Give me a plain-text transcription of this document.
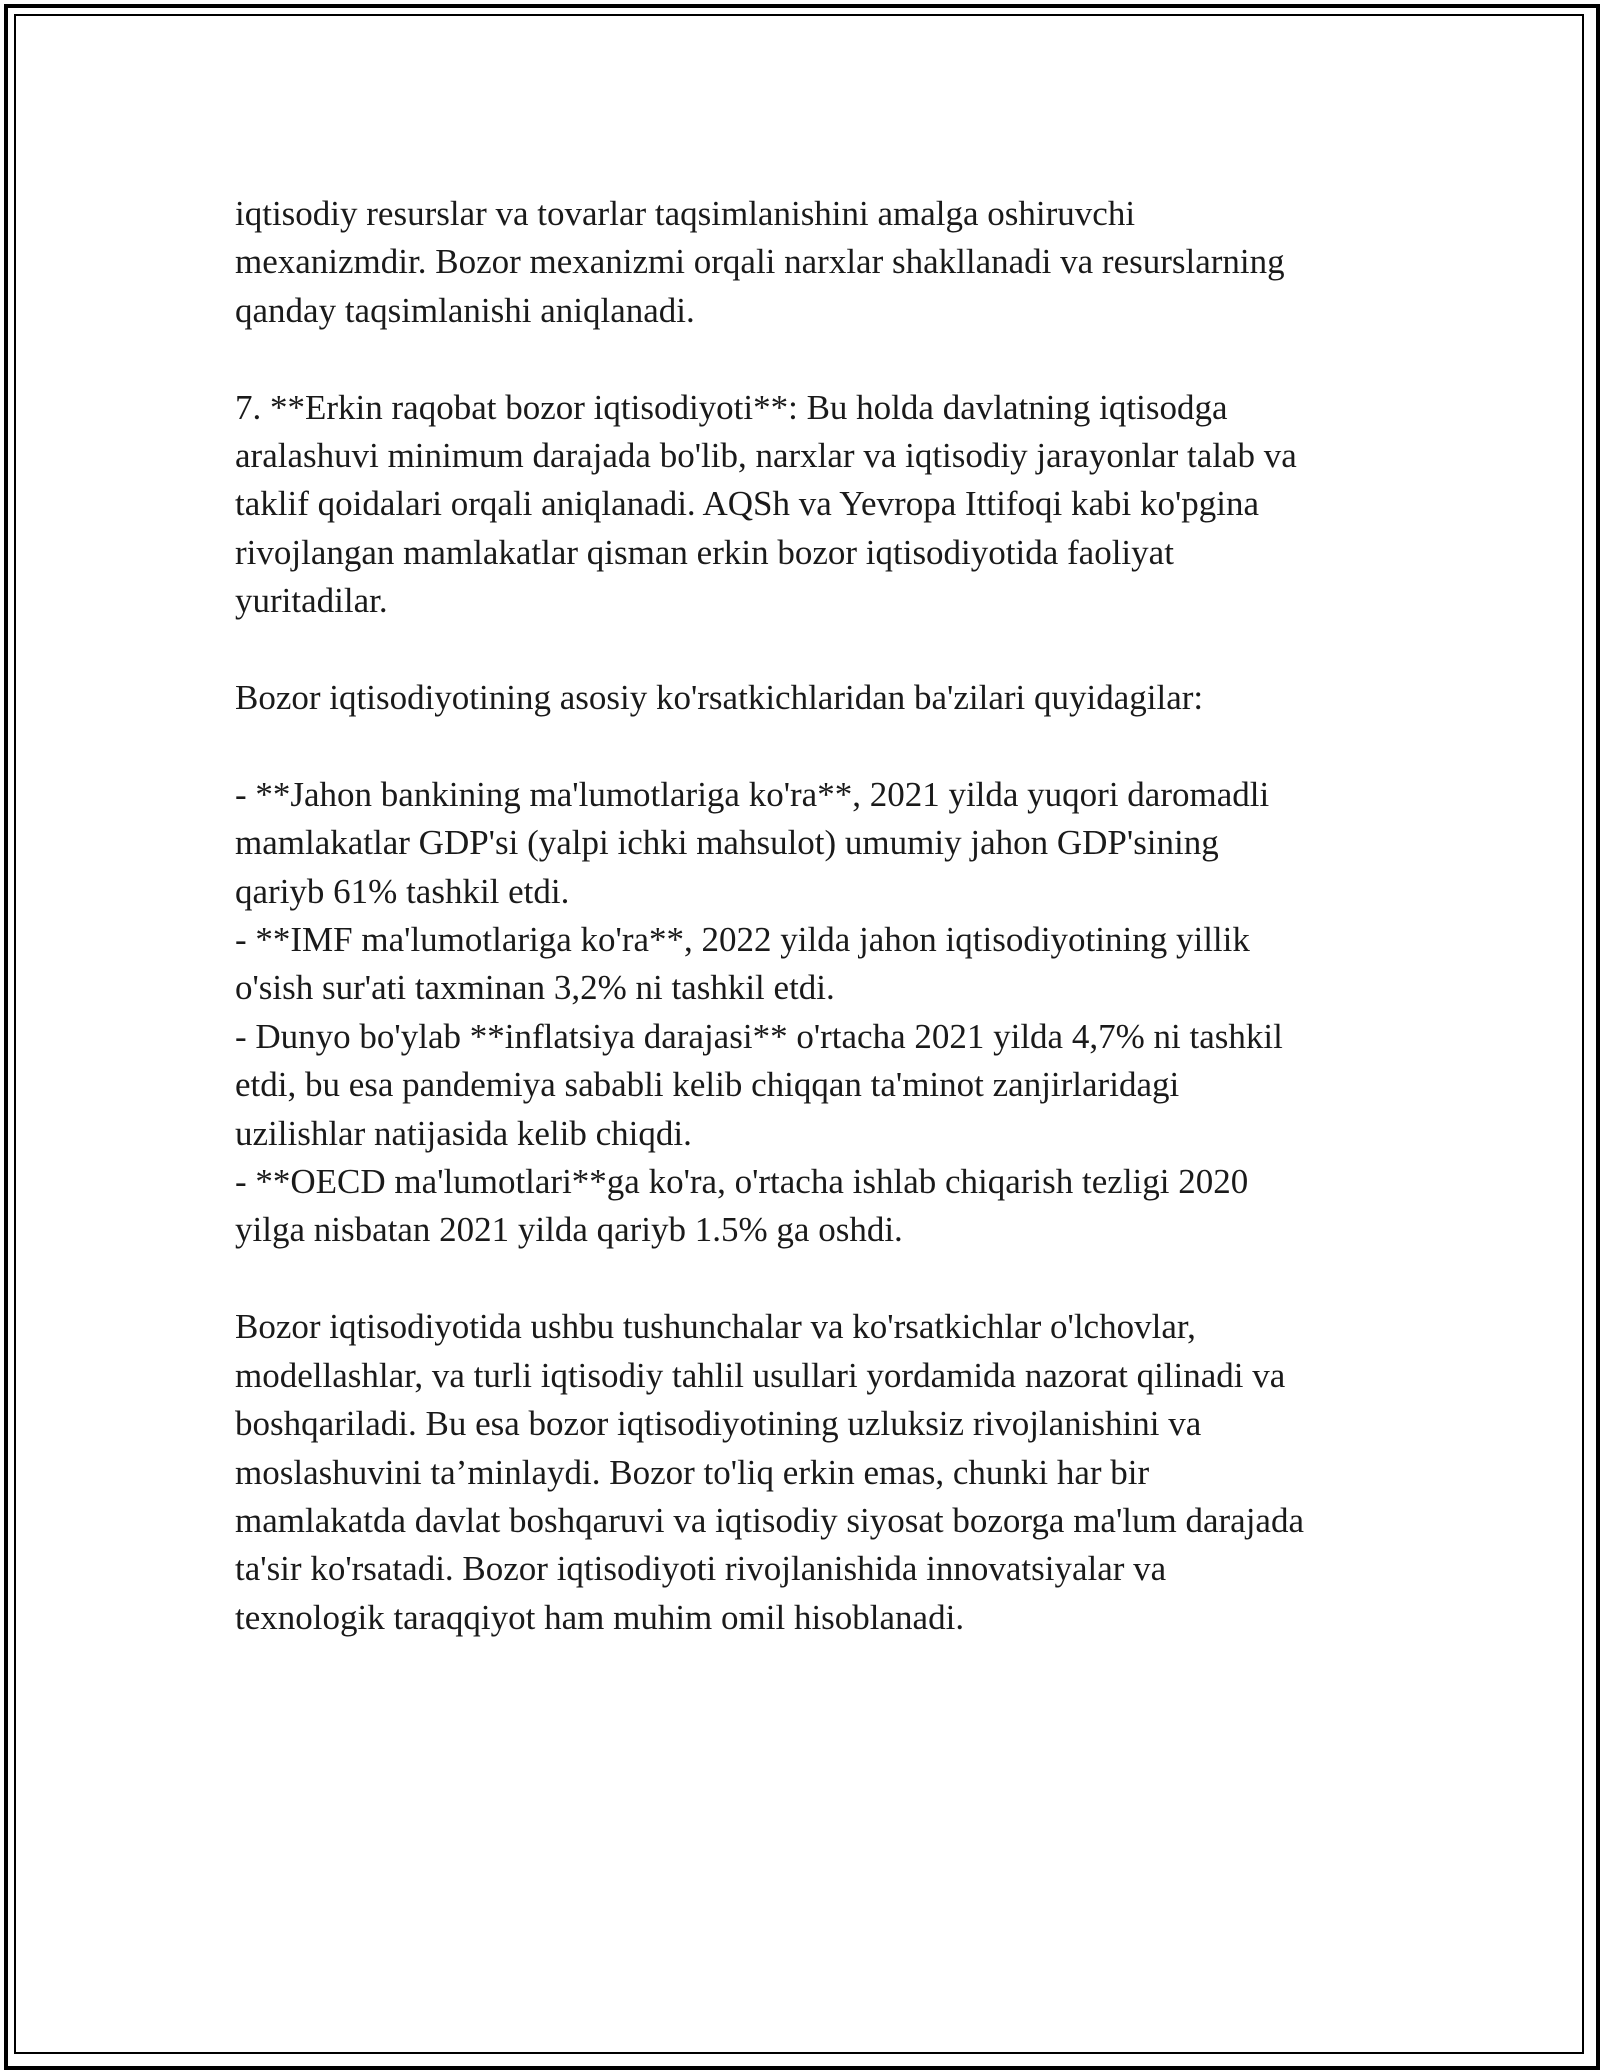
iqtisodiy resurslar va tovarlar taqsimlanishini amalga oshiruvchi
mexanizmdir. Bozor mexanizmi orqali narxlar shakllanadi va resurslarning
qanday taqsimlanishi aniqlanadi.
7. **Erkin raqobat bozor iqtisodiyoti**: Bu holda davlatning iqtisodga
aralashuvi minimum darajada bo'lib, narxlar va iqtisodiy jarayonlar talab va
taklif qoidalari orqali aniqlanadi. AQSh va Yevropa Ittifoqi kabi ko'pgina
rivojlangan mamlakatlar qisman erkin bozor iqtisodiyotida faoliyat
yuritadilar.
Bozor iqtisodiyotining asosiy ko'rsatkichlaridan ba'zilari quyidagilar:
- **Jahon bankining ma'lumotlariga ko'ra**, 2021 yilda yuqori daromadli
mamlakatlar GDP'si (yalpi ichki mahsulot) umumiy jahon GDP'sining
qariyb 61% tashkil etdi.
- **IMF ma'lumotlariga ko'ra**, 2022 yilda jahon iqtisodiyotining yillik
o'sish sur'ati taxminan 3,2% ni tashkil etdi.
- Dunyo bo'ylab **inflatsiya darajasi** o'rtacha 2021 yilda 4,7% ni tashkil
etdi, bu esa pandemiya sababli kelib chiqqan ta'minot zanjirlaridagi
uzilishlar natijasida kelib chiqdi.
- **OECD ma'lumotlari**ga ko'ra, o'rtacha ishlab chiqarish tezligi 2020
yilga nisbatan 2021 yilda qariyb 1.5% ga oshdi.
Bozor iqtisodiyotida ushbu tushunchalar va ko'rsatkichlar o'lchovlar,
modellashlar, va turli iqtisodiy tahlil usullari yordamida nazorat qilinadi va
boshqariladi. Bu esa bozor iqtisodiyotining uzluksiz rivojlanishini va
moslashuvini ta’minlaydi. Bozor to'liq erkin emas, chunki har bir
mamlakatda davlat boshqaruvi va iqtisodiy siyosat bozorga ma'lum darajada
ta'sir ko'rsatadi. Bozor iqtisodiyoti rivojlanishida innovatsiyalar va
texnologik taraqqiyot ham muhim omil hisoblanadi.
